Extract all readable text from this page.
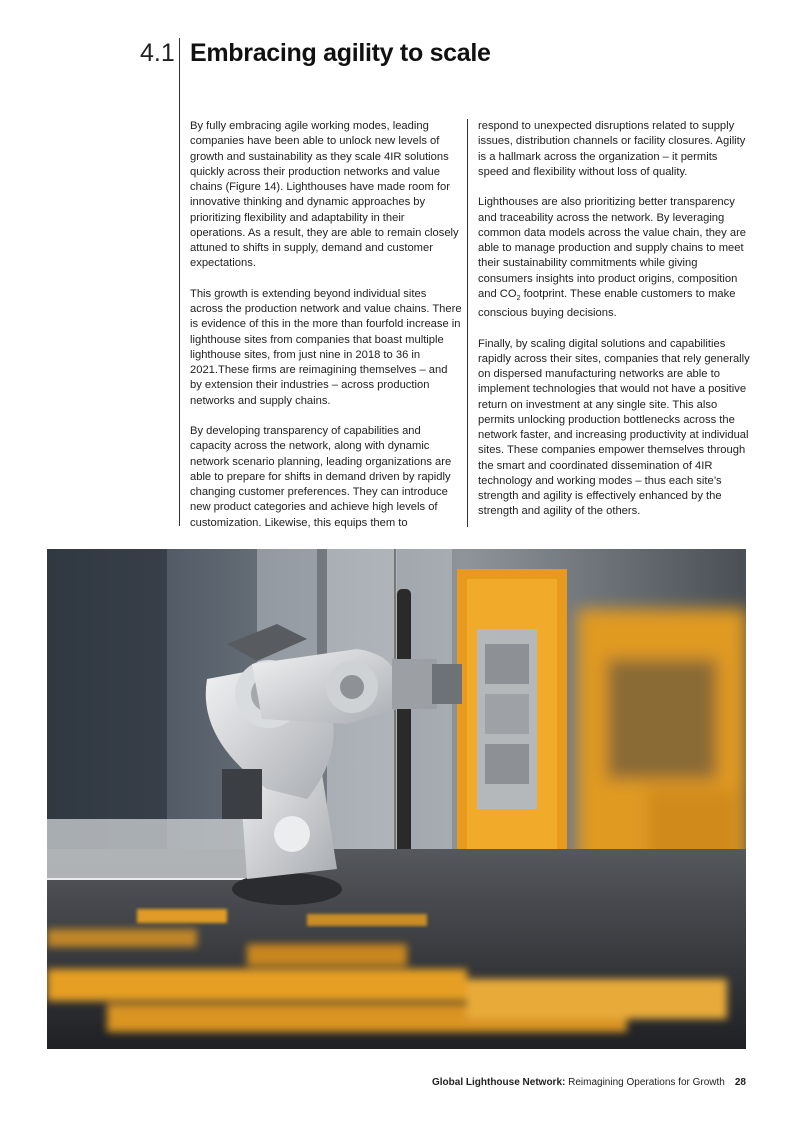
4.1 Embracing agility to scale

By fully embracing agile working modes, leading companies have been able to unlock new levels of growth and sustainability as they scale 4IR solutions quickly across their production networks and value chains (Figure 14). Lighthouses have made room for innovative thinking and dynamic approaches by prioritizing flexibility and adaptability in their operations. As a result, they are able to remain closely attuned to shifts in supply, demand and customer expectations.

This growth is extending beyond individual sites across the production network and value chains. There is evidence of this in the more than fourfold increase in lighthouse sites from companies that boast multiple lighthouse sites, from just nine in 2018 to 36 in 2021.These firms are reimagining themselves – and by extension their industries – across production networks and supply chains.

By developing transparency of capabilities and capacity across the network, along with dynamic network scenario planning, leading organizations are able to prepare for shifts in demand driven by rapidly changing customer preferences. They can introduce new product categories and achieve high levels of customization. Likewise, this equips them to

respond to unexpected disruptions related to supply issues, distribution channels or facility closures. Agility is a hallmark across the organization – it permits speed and flexibility without loss of quality.

Lighthouses are also prioritizing better transparency and traceability across the network. By leveraging common data models across the value chain, they are able to manage production and supply chains to meet their sustainability commitments while giving consumers insights into product origins, composition and $CO_2$ footprint. These enable customers to make conscious buying decisions.

Finally, by scaling digital solutions and capabilities rapidly across their sites, companies that rely generally on dispersed manufacturing networks are able to implement technologies that would not have a positive return on investment at any single site. This also permits unlocking production bottlenecks across the network faster, and increasing productivity at individual sites. These companies empower themselves through the smart and coordinated dissemination of 4IR technology and working modes – thus each site’s strength and agility is effectively enhanced by the strength and agility of the others.

Global Lighthouse Network: Reimagining Operations for Growth 28
